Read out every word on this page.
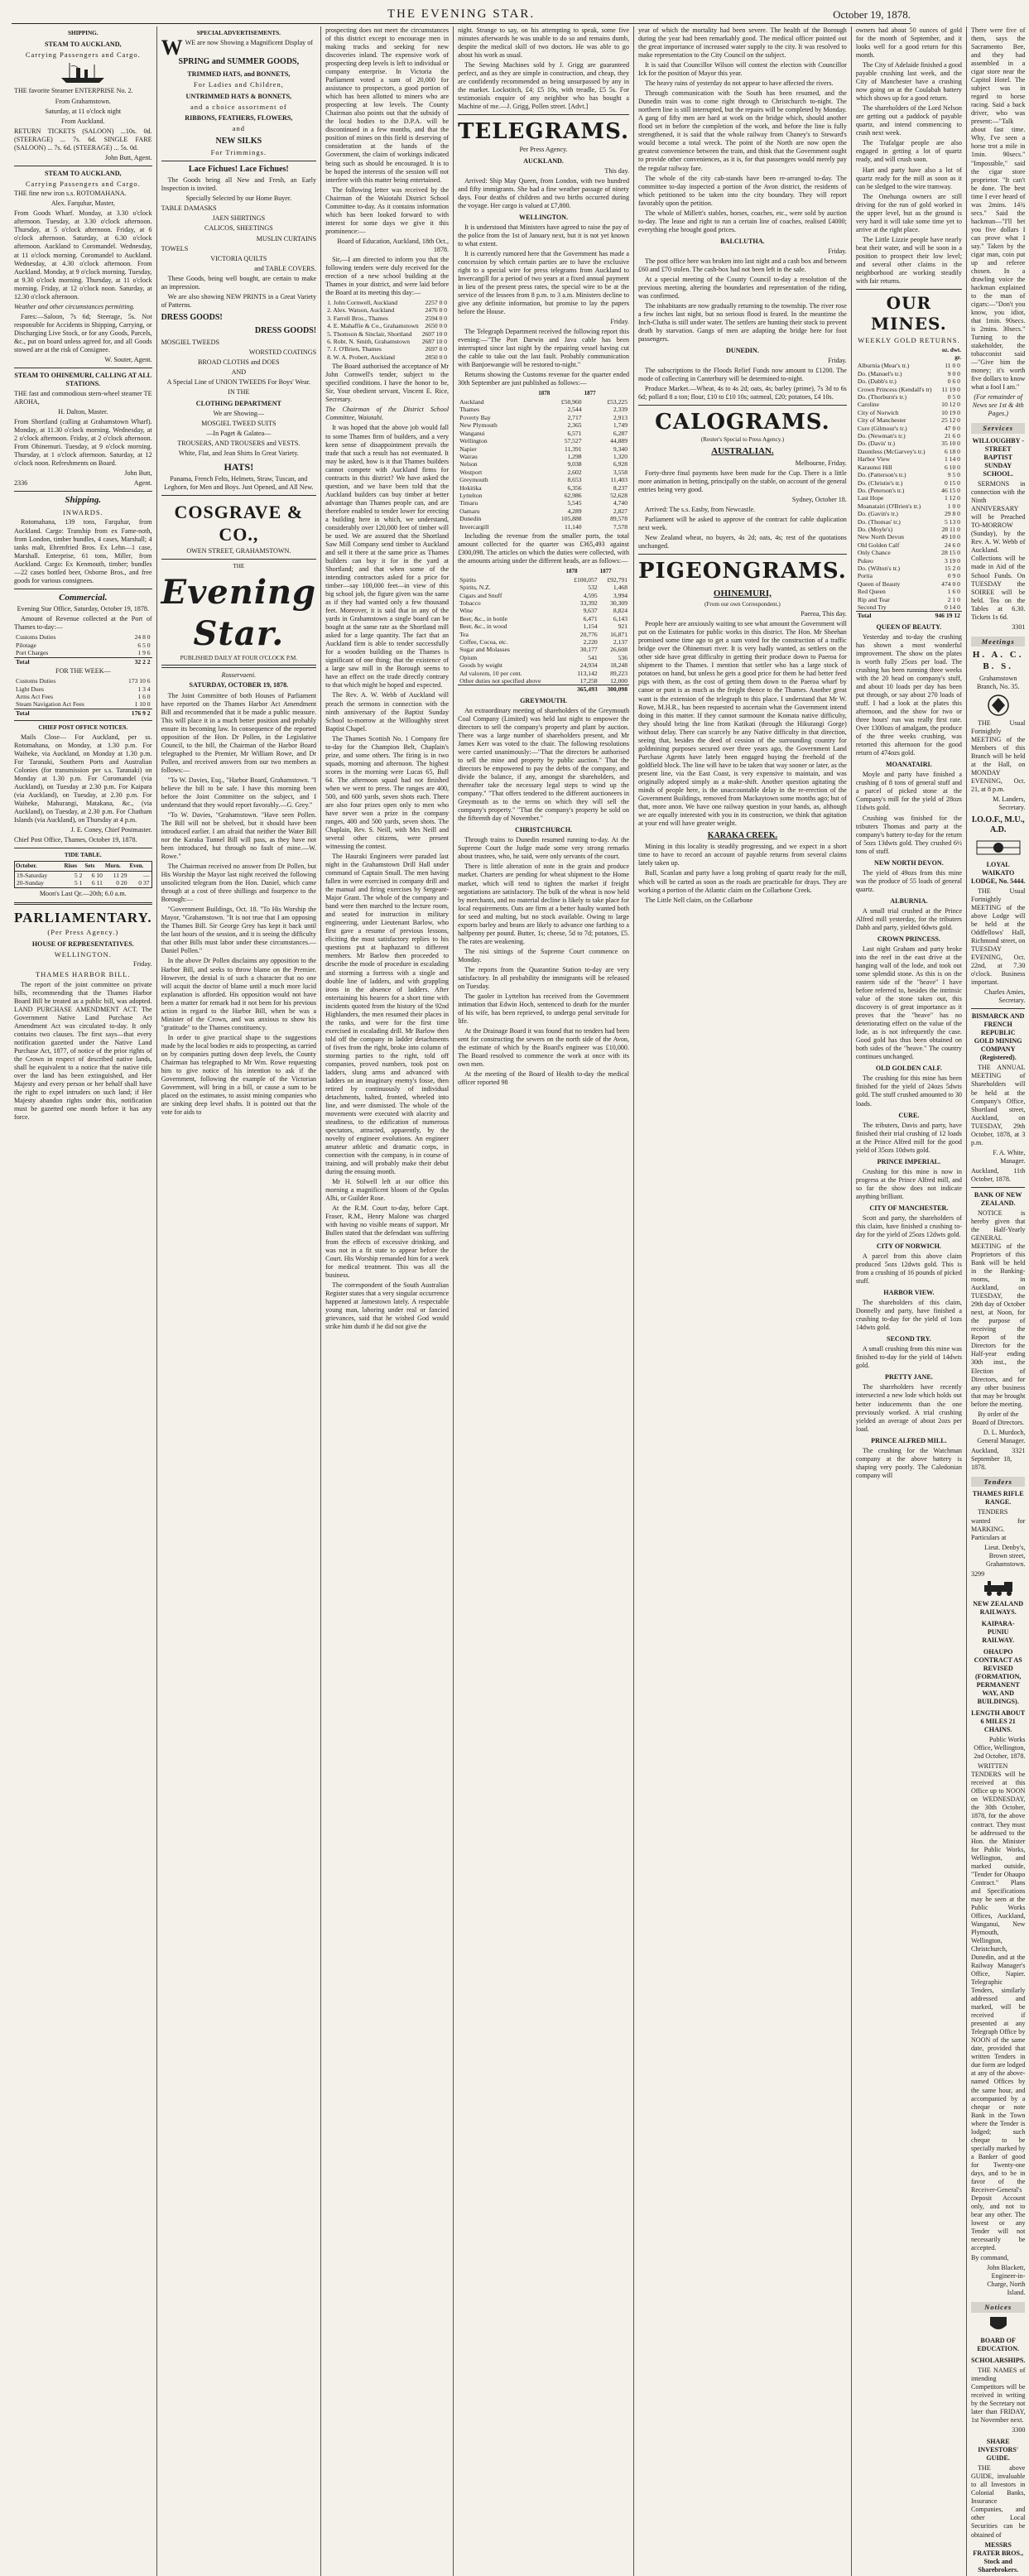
THE EVENING STAR.	October 19, 1878.
SHIPPING.
STEAM TO AUCKLAND,
Carrying Passengers and Cargo.

THE favorite Steamer ENTERPRISE No. 2.

From Grahamstown.

Saturday, at 11 o'clock night

From Auckland.

RETURN TICKETS (SALOON) ...10s. 0d. (STEERAGE) ... 7s. 6d. SINGLE FARE (SALOON) ... 7s. 6d. (STEERAGE) ... 5s. 0d.

John Butt, Agent.

STEAM TO AUCKLAND,
Carrying Passengers and Cargo.

THE fine new iron s.s. ROTOMAHANA.

Alex. Farquhar, Master,

From Goods Wharf. Monday, at 3.30 o'clock afternoon. Tuesday, at 3.30 o'clock afternoon. Thursday, at 5 o'clock afternoon. Friday, at 6 o'clock afternoon. Saturday, at 6.30 o'clock afternoon. Auckland to Coromandel. Wednesday, at 11 o'clock morning. Coromandel to Auckland. Wednesday, at 4.30 o'clock afternoon. From Auckland. Monday, at 9 o'clock morning. Tuesday, at 9.30 o'clock morning. Thursday, at 11 o'clock morning. Friday, at 12 o'clock noon. Saturday, at 12.30 o'clock afternoon.

Weather and other circumstances permitting.

Fares:—Saloon, 7s 6d; Steerage, 5s. Not responsible for Accidents in Shipping, Carrying, or Discharging Live Stock, or for any Goods, Parcels, &c., put on board unless agreed for, and all Goods stowed are at the risk of Consignee.

W. Souter, Agent.

STEAM TO OHINEMURI, CALLING AT ALL STATIONS.

THE fast and commodious stern-wheel steamer TE AROHA,

H. Dalton, Master.

From Shortland (calling at Grahamstown Wharf). Monday, at 11.30 o'clock morning. Wednesday, at 2 o'clock afternoon. Friday, at 2 o'clock afternoon. From Ohinemuri. Tuesday, at 9 o'clock morning. Thursday, at 1 o'clock afternoon. Saturday, at 12 o'clock noon. Refreshments on Board.

John Butt,

2336	Agent.

Shipping.
INWARDS.

Rotomahana, 139 tons, Farquhar, from Auckland. Cargo: Tranship from ex Fame-noth, from London, timber bundles, 4 cases, Marshall; 4 tanks malt, Ehrenfried Bros. Ex Lehn—1 case, Marshall. Enterprise, 61 tons, Miller, from Auckland. Cargo: Ex Kenmouth, timber; bundles—22 cases bottled beer, Osborne Bros., and free goods for various consignees.

Commercial.

Evening Star Office, Saturday, October 19, 1878.

Amount of Revenue collected at the Port of Thames to-day:—

Customs Duties	24 8 0
Pilotage	6 5 0
Port Charges	1 9 6
Total	32 2 2

FOR THE WEEK—

Customs Duties	173 10 6
Light Dues	1 3 4
Arms Act Fees	1 6 0
Steam Navigation Act Fees	1 10 0
Total	176 9 2
CHIEF POST OFFICE NOTICES.

Mails Close— For Auckland, per ss. Rotomahana, on Monday, at 1.30 p.m. For Waiheke, via Auckland, on Monday at 1.30 p.m. For Taranaki, Southern Ports and Australian Colonies (for transmission per s.s. Taranaki) on Monday at 1.30 p.m. For Coromandel (via Auckland), on Tuesday at 2.30 p.m. For Kaipara (via Auckland), on Tuesday, at 2.30 p.m. For Waiheke, Mahurangi, Matakana, &c., (via Auckland), on Tuesday, at 2.30 p.m. For Chatham Islands (via Auckland), on Thursday at 4 p.m.

J. E. Coney, Chief Postmaster.

Chief Post Office, Thames, October 19, 1878.

TIDE TABLE.
October.	Rises	Sets	Morn.	Even.
19-Saturday	5 2	6 10	11 29	—
20-Sunday	5 1	6 11	0 20	0 37

Moon's Last Qr.—20th; 6.0 a.m.

PARLIAMENTARY.
(Per Press Agency.)
HOUSE OF REPRESENTATIVES.
WELLINGTON.

Friday.

THAMES HARBOR BILL.

The report of the joint committee on private bills, recommending that the Thames Harbor Board Bill be treated as a public bill, was adopted. LAND PURCHASE AMENDMENT ACT. The Government Native Land Purchase Act Amendment Act was circulated to-day. It only contains two clauses. The first says—that every notification gazetted under the Native Land Purchase Act, 1877, of notice of the prior rights of the Crown in respect of described native lands, shall be equivalent to a notice that the native title over the land has been extinguished, and Her Majesty and every person or her behalf shall have the right to expel intruders on such land; if Her Majesty abandon rights under this, notification must be gazetted one month before it has any force.

SPECIAL ADVERTISEMENTS.

WWE are now Showing a Magnificent Display of

SPRING and SUMMER GOODS,
TRIMMED HATS, and BONNETS,
For Ladies and Children,
UNTRIMMED HATS & BONNETS,
and a choice assortment of
RIBBONS, FEATHERS, FLOWERS,
and
NEW SILKS
For Trimmings.
Lace Fichues! Lace Fichues!

The Goods being all New and Fresh, an Early Inspection is invited.

Specially Selected by our Home Buyer.

TABLE DAMASKS

JAEN SHIRTINGS

CALICOS, SHEETINGS

MUSLIN CURTAINS

TOWELS

VICTORIA QUILTS

and TABLE COVERS.

These Goods, being well bought, are certain to make an impression.

We are also showing NEW PRINTS in a Great Variety of Patterns.

DRESS GOODS!
DRESS GOODS!

MOSGIEL TWEEDS

WORSTED COATINGS

BROAD CLOTHS and DOES

AND

A Special Line of UNION TWEEDS For Boys' Wear.

IN THE

CLOTHING DEPARTMENT

We are Showing—

MOSGIEL TWEED SUITS

—In Paget & Galatea—

TROUSERS, AND TROUSERS and VESTS.

White, Flat, and Jean Shirts In Great Variety.

HATS!

Panama, French Felts, Helmets, Straw, Tuscan, and Leghorn, for Men and Boys. Just Opened, and All New.

COSGRAVE & CO.,

OWEN STREET, GRAHAMSTOWN.

THE

Evening Star.

PUBLISHED DAILY AT FOUR O'CLOCK P.M.

Rosservaeni.

SATURDAY, OCTOBER 19, 1878.

The Joint Committee of both Houses of Parliament have reported on the Thames Harbor Act Amendment Bill and recommended that it be made a public measure. This will place it in a much better position and probably ensure its becoming law. In consequence of the reported opposition of the Hon. Dr Pollen, in the Legislative Council, to the bill, the Chairman of the Harbor Board telegraphed to the Premier, Mr William Rowe, and Dr Pollen, and received answers from our two members as follows:—

"To W. Davies, Esq., "Harbor Board, Grahamstown. "I believe the bill to be safe. I have this morning been before the Joint Committee on the subject, and I understand that they would report favorably.—G. Grey."

"To W. Davies, "Grahamstown. "Have seen Pollen. The Bill will not be shelved, but it should have been introduced earlier. I am afraid that neither the Water Bill nor the Karaka Tunnel Bill will pass, as they have not been introduced, but through no fault of mine.—W. Rowe."

The Chairman received no answer from Dr Pollen, but His Worship the Mayor last night received the following unsolicited telegram from the Hon. Daniel, which came through at a cost of three shillings and fourpence to the Borough:—

"Government Buildings, Oct. 18. "To His Worship the Mayor, "Grahamstown. "It is not true that I am opposing the Thames Bill. Sir George Grey has kept it back until the last hours of the session, and it is seeing the difficulty that other Bills must labor under these circumstances.—Daniel Pollen."

In the above Dr Pollen disclaims any opposition to the Harbor Bill, and seeks to throw blame on the Premier. However, the denial is of such a character that no one will acquit the doctor of blame until a much more lucid explanation is afforded. His opposition would not have been a matter for remark had it not been for his previous action in regard to the Harbor Bill, when he was a Minister of the Crown, and was anxious to show his "gratitude" to the Thames constituency.

In order to give practical shape to the suggestions made by the local bodies re aids to prospecting, as carried on by companies putting down deep levels, the County Chairman has telegraphed to Mr Wm. Rowe requesting him to give notice of his intention to ask if the Government, following the example of the Victorian Government, will bring in a bill, or cause a sum to be placed on the estimates, to assist mining companies who are sinking deep level shafts. It is pointed out that the vote for aids to

prospecting does not meet the circumstances of this district except to encourage men in making tracks and seeking for new discoveries inland. The expensive work of prospecting deep levels is left to individual or company enterprise. In Victoria the Parliament voted a sum of 20,000 for assistance to prospectors, a good portion of which has been allotted to miners who are prospecting at low levels. The County Chairman also points out that the subsidy of the local bodies to the D.P.A. will be discontinued in a few months, and that the position of mines on this field is deserving of consideration at the hands of the Government, the claim of workings indicated being such as should be encouraged. It is to be hoped the interests of the session will not interfere with this matter being entertained.

The following letter was received by the Chairman of the Waiotahi District School Committee to-day. As it contains information which has been looked forward to with interest for some days we give it this prominence:—

Board of Education, Auckland, 18th Oct., 1878.

Sir,—I am directed to inform you that the following tenders were duly received for the erection of a new school building at the Thames in your district, and were laid before the Board at its meeting this day:—

1. John Cornwell, Auckland	2257 0 0
2. Alex. Watson, Auckland	2476 0 0
3. Farrell Bros., Thames	2594 0 0
4. E. Mahaffie & Co., Grahamstown	2650 0 0
5. Thomson & Sinclair, Shortland	2607 10 0
6. Robt. N. Smith, Grahamstown	2687 10 0
7. J. O'Brien, Thames	2697 0 0
8. W. A. Probert, Auckland	2850 0 0

The Board authorised the acceptance of Mr John Cornwell's tender, subject to the specified conditions. I have the honor to be, Sir, Your obedient servant, Vincent E. Rice, Secretary.

The Chairman of the District School Committee, Waiotahi.

It was hoped that the above job would fall to some Thames firm of builders, and a very keen sense of disappointment prevails the trade that such a result has not eventuated. It may be asked, how is it that Thames builders cannot compete with Auckland firms for contracts in this district? We have asked the question, and we have been told that the Auckland builders can buy timber at better advantage than Thames people can, and are therefore enabled to tender lower for erecting a building here in which, we understand, considerably over 120,000 feet of timber will be used. We are assured that the Shortland Saw Mill Company send timber to Auckland and sell it there at the same price as Thames builders can buy it for in the yard at Shortland; and that when some of the intending contractors asked for a price for timber—say 100,000 feet—in view of this big school job, the figure given was the same as if they had wanted only a few thousand feet. Moreover, it is said that in any of the yards in Grahamstown a single board can be bought at the same rate as the Shortland mill asked for a large quantity. The fact that an Auckland firm is able to tender successfully for a wooden building on the Thames is significant of one thing; that the existence of a large saw mill in the Borough seems to have an effect on the trade directly contrary to that which might be hoped and expected.

The Rev. A. W. Webb of Auckland will preach the sermons in connection with the ninth anniversary of the Baptist Sunday School to-morrow at the Willoughby street Baptist Chapel.

The Thames Scottish No. 1 Company fire to-day for the Champion Belt, Chaplain's prize, and some others. The firing is in two squads, morning and afternoon. The highest scores in the morning were Lucas 65, Bull 64. The afternoon squad had not finished when we went to press. The ranges are 400, 500, and 600 yards, seven shots each. There are also four prizes open only to men who have never won a prize in the company ranges, 400 and 500 yards, seven shots. The Chaplain, Rev. S. Neill, with Mrs Neill and several other citizens, were present witnessing the contest.

The Hauraki Engineers were paraded last night in the Grahamstown Drill Hall under command of Captain Small. The men having fallen in were exercised in company drill and the manual and firing exercises by Sergeant-Major Grant. The whole of the company and band were then marched to the lecture room, and seated for instruction in military engineering, under Lieutenant Barlow, who first gave a resume of previous lessons, eliciting the most satisfactory replies to his questions put at haphazard to different members. Mr Barlow then proceeded to describe the mode of procedure in escalading and storming a fortress with a single and double line of ladders, and with grappling irons in the absence of ladders. After entertaining his hearers for a short time with incidents quoted from the history of the 92nd Highlanders, the men resumed their places in the ranks, and were for the first time exercised in escalading drill. Mr Barlow then told off the company in ladder detachments of fives from the right, broke into column of storming parties to the right, told off companies, proved numbers, took post on ladders, slung arms and advanced with ladders on an imaginary enemy's fosse, then retired by continuously of individual detachments, halted, fronted, wheeled into line, and were dismissed. The whole of the movements were executed with alacrity and steadiness, to the edification of numerous spectators, attracted, apparently, by the novelty of engineer evolutions. An engineer amateur athletic and dramatic corps, in connection with the company, is in course of training, and will probably make their debut during the ensuing month.

Mr H. Stilwell left at our office this morning a magnificent bloom of the Opulas Albi, or Guilder Rose.

At the R.M. Court to-day, before Capt. Fraser, R.M., Henry Malone was charged with having no visible means of support. Mr Bullen stated that the defendant was suffering from the effects of excessive drinking, and was not in a fit state to appear before the Court. His Worship remanded him for a week for medical treatment. This was all the business.

The correspondent of the South Australian Register states that a very singular occurrence happened at Jamestown lately. A respectable young man, laboring under real or fancied grievances, said that he wished God would strike him dumb if he did not give the

night. Strange to say, on his attempting to speak, some five minutes afterwards he was unable to do so and remains dumb, despite the medical skill of two doctors. He was able to go about his work as usual.

The Sewing Machines sold by J. Grigg are guaranteed perfect, and as they are simple in construction, and cheap, they are confidently recommended as being unsurpassed by any in the market. Lockstitch, £4; £5 10s, with treadle, £5 5s. For testimonials enquire of any neighbor who has bought a Machine of me.—J. Grigg, Pollen street. [Advt.]

TELEGRAMS.

Per Press Agency.

AUCKLAND.

This day.

Arrived: Ship May Queen, from London, with two hundred and fifty immigrants. She had a fine weather passage of ninety days. Four deaths of children and two births occurred during the voyage. Her cargo is valued at £7,800.

WELLINGTON.

It is understood that Ministers have agreed to raise the pay of the police from the 1st of January next, but it is not yet known to what extent.

It is currently rumored here that the Government has made a concession by which certain parties are to have the exclusive right to a special wire for press telegrams from Auckland to Invercargill for a period of two years at a fixed annual payment in lieu of the present press rates, the special wire to be at the service of the lessees from 8 p.m. to 3 a.m. Ministers decline to give any definite information, but promise to lay the papers before the House.

Friday.

The Telegraph Department received the following report this evening:—"The Port Darwin and Java cable has been interrupted since last night by the repairing vessel having cut the cable to take out the last fault. Probably communication with Banjoewangie will be restored to-night."

Returns showing the Customs revenue for the quarter ended 30th September are just published as follows:—

	1878	1877
Auckland	£50,960	£53,225
Thames	2,544	2,339
Poverty Bay	2,717	2,913
New Plymouth	2,365	1,749
Wanganui	6,571	6,287
Wellington	57,527	44,889
Napier	11,391	9,340
Wairau	1,298	1,320
Nelson	9,038	6,928
Westport	2,602	3,558
Greymouth	8,653	11,403
Hokitika	6,356	8,237
Lyttelton	62,986	52,628
Timaru	5,545	4,740
Oamaru	4,289	2,827
Dunedin	105,888	89,578
Invercargill	11,140	7,578

Including the revenue from the smaller ports, the total amount collected for the quarter was £365,493 against £300,098. The articles on which the duties were collected, with the amounts arising under the different heads, are as follows:—

	1878	1877
Spirits	£100,057	£92,791
Spirits, N.Z.	532	1,468
Cigars and Snuff	4,595	3,994
Tobacco	33,392	30,309
Wine	9,637	8,824
Beer, &c., in bottle	6,471	6,143
Beer, &c., in wood	1,154	921
Tea	20,776	16,871
Coffee, Cocoa, etc.	2,220	2,137
Sugar and Molasses	30,177	26,608
Opium	541	536
Goods by weight	24,934	18,248
Ad valorem, 10 per cent.	113,142	89,223
Other duties not specified above	17,258	12,000
	365,493	300,098
GREYMOUTH.

An extraordinary meeting of shareholders of the Greymouth Coal Company (Limited) was held last night to empower the directors to sell the company's property and plant by auction. There was a large number of shareholders present, and Mr James Kerr was voted to the chair. The following resolutions were carried unanimously:—"That the directors be authorised to sell the mine and property by public auction." That the directors be empowered to pay the debts of the company, and divide the balance, if any, amongst the shareholders, and thereafter take the necessary legal steps to wind up the company." "That offers tendered to the different auctioneers in Greymouth as to the terms on which they will sell the company's property." "That the company's property be sold on the fifteenth day of November."

CHRISTCHURCH.

Through trains to Dunedin resumed running to-day. At the Supreme Court the Judge made some very strong remarks about trustees, who, he said, were only servants of the court.

There is little alteration of note in the grain and produce market. Charters are pending for wheat shipment to the Home market, which will tend to tighten the market if freight negotiations are satisfactory. The bulk of the wheat is now held by merchants, and no material decline is likely to take place for local requirements. Oats are firm at a better haulty wanted both for seed and malting, but no stock available. Owing to large exports barley and beans are likely to advance one farthing to a halfpenny per pound. Butter, 1s; cheese, 5d to 7d; potatoes, £5. The rates are weakening.

The nisi sittings of the Supreme Court commence on Monday.

The reports from the Quarantine Station to-day are very satisfactory. In all probability the immigrants will be released on Tuesday.

The gaoler in Lyttelton has received from the Government intimation that Edwin Hoch, sentenced to death for the murder of his wife, has been reprieved, to undergo penal servitude for life.

At the Drainage Board it was found that no tenders had been sent for constructing the sewers on the north side of the Avon, the estimate of which by the Board's engineer was £10,000. The Board resolved to commence the work at once with its own men.

At the meeting of the Board of Health to-day the medical officer reported 98

year of which the mortality had been severe. The health of the Borough during the year had been remarkably good. The medical officer pointed out the great importance of increased water supply to the city. It was resolved to make representation to the City Council on the subject.

It is said that Councillor Wilson will contest the election with Councillor Ick for the position of Mayor this year.

The heavy rains of yesterday do not appear to have affected the rivers.

Through communication with the South has been resumed, and the Dunedin train was to come right through to Christchurch to-night. The northern line is still interrupted, but the repairs will be completed by Monday. A gang of fifty men are hard at work on the bridge which, should another flood set in before the completion of the work, and before the line is fully strengthened, it is said that the whole railway from Chaney's to Steward's would become a total wreck. The point of the North are now open the greatest convenience between the train, and think that the Government ought to provide other conveniences, as it is, for that passengers would merely pay the regular railway fare.

The whole of the city cab-stands have been re-arranged to-day. The committee to-day inspected a portion of the Avon district, the residents of which petitioned to be taken into the city boundary. They will report favorably upon the petition.

The whole of Millett's stables, horses, coaches, etc., were sold by auction to-day. The lease and right to run a certain line of coaches, realised £4000; everything else brought good prices.

BALCLUTHA.

Friday.

The post office here was broken into last night and a cash box and between £60 and £70 stolen. The cash-box had not been left in the safe.

At a special meeting of the County Council to-day a resolution of the previous meeting, altering the boundaries and representation of the riding, was confirmed.

The inhabitants are now gradually returning to the township. The river rose a few inches last night, but no serious flood is feared. In the meantime the Inch-Clutha is still under water. The settlers are hunting their stock to prevent death by starvation. Gangs of men are adapting the bridge here for foot passengers.

DUNEDIN.

Friday.

The subscriptions to the Floods Relief Funds now amount to £1200. The mode of collecting in Canterbury will be determined to-night.

Produce Market.—Wheat, 4s to 4s 2d; oats, 4s; barley (prime), 7s 3d to 6s 6d; pollard 8 a ton; flour, £10 to £10 10s; oatmeal, £20; potatoes, £4 10s.

CALOGRAMS.

(Reuter's Special to Press Agency.)

AUSTRALIAN.

Melbourne, Friday.

Forty-three final payments have been made for the Cup. There is a little more animation in betting, principally on the stable, on account of the general entries being very good.

Sydney, October 18.

Arrived: The s.s. Easby, from Newcastle.

Parliament will be asked to approve of the contract for cable duplication next week.

New Zealand wheat, no buyers, 4s 2d; oats, 4s; rest of the quotations unchanged.

PIGEONGRAMS.
OHINEMURI,

(From our own Correspondent.)

Paeroa, This day.

People here are anxiously waiting to see what amount the Government will put on the Estimates for public works in this district. The Hon. Mr Sheehan promised some time ago to get a sum voted for the construction of a traffic bridge over the Ohinemuri river. It is very badly wanted, as settlers on the other side have great difficulty in getting their produce down to Paeroa for shipment to the Thames. I mention that settler who has a large stock of potatoes on hand, but unless he gets a good price for them he had better feed pigs with them, as the cost of getting them down to the Paeroa wharf by canoe or punt is as much as the freight thence to the Thames. Another great want is the extension of the telegraph to this place. I understand that Mr W. Rowe, M.H.R., has been requested to ascertain what the Government intend doing in this matter. If they cannot surmount the Komata native difficulty, they should bring the line from Katikati (through the Hikurangi Gorge) without delay. There can scarcely be any Native difficulty in that direction, seeing that, besides the deed of cession of the surrounding country for goldmining purposes secured over three years ago, the Government Land Purchase Agents have lately been engaged buying the freehold of the goldfield block. The line will have to be taken that way sooner or later, as the present line, via the East Coast, is very expensive to maintain, and was originally adopted simply as a make-shift. Another question agitating the minds of people here, is the unaccountable delay in the re-erection of the Government Buildings, removed from Mackaytown some months ago; but of that, more anon. We have one railway question in your hands, as, although we are equally interested with you in its construction, we think that agitation at your end will have greater weight.

KARAKA CREEK.

Mining in this locality is steadily progressing, and we expect in a short time to have to record an account of payable returns from several claims lately taken up.

Bull, Scanlan and party have a long probing of quartz ready for the mill, which will be carted as soon as the roads are practicable for drays. They are working a portion of the Atlantic claim on the Collarbone Creek.

The Little Nell claim, on the Collarbone

owners had about 50 ounces of gold for the month of September, and it looks well for a good return for this month.

The City of Adelaide finished a good payable crushing last week, and the City of Manchester have a crushing now going on at the Coulabah battery which shows up for a good return.

The shareholders of the Lord Nelson are getting out a paddock of payable quartz, and intend commencing to crush next week.

The Trafalgar people are also engaged in getting a lot of quartz ready, and will crush soon.

Hart and party have also a lot of quartz ready for the mill as soon as it can be sledged to the wire tramway.

The Onehunga owners are still driving for the run of gold worked in the upper level, but as the ground is very hard it will take some time yet to arrive at the right place.

The Little Lizzie people have nearly beat their water, and will be soon in a position to prospect their low level; and several other claims in the neighborhood are working steadily with fair returns.

OUR MINES.
WEEKLY GOLD RETURNS.
	oz. dwt. gr.
Alburnia (Mear's tr.)	11 0 0
Do. (Manuel's tr.)	9 0 0
Do. (Dabb's tr.)	0 6 0
Crown Princess (Kendall's tr)	11 19 0
Do. (Thorburn's tr.)	0 5 0
Caroline	10 12 0
City of Norwich	10 19 0
City of Manchester	25 12 0
Cure (Gilmour's tr.)	47 0 0
Do. (Newman's tr.)	21 6 0
Do. (Davis' tr.)	35 10 0
Dauntless (McGarvey's tr.)	6 18 0
Harbor View	1 14 0
Karaunui Hill	6 10 0
Do. (Patterson's tr.)	9 5 0
Do. (Christie's tr.)	0 15 0
Do. (Peterson's tr.)	46 15 0
Last Hope	1 12 0
Moanatairi (O'Brien's tr.)	1 0 0
Do. (Gavin's tr.)	29 8 0
Do. (Thomas' tr.)	5 13 0
Do. (Moyle's)	28 11 0
New North Devon	49 10 0
Old Golden Calf	24 6 0
Only Chance	28 15 0
Pukeo	3 19 0
Do. (Wilton's tr.)	15 2 0
Portia	0 9 0
Queen of Beauty	474 0 0
Red Queen	1 6 0
Rip and Tear	2 1 0
Second Try	0 14 0
Total	946 19 12
QUEEN OF BEAUTY.

Yesterday and to-day the crushing has shown a most wonderful improvement. The show on the plates is worth fully 25ozs per load. The crushing has been running three weeks with the 20 head on company's stuff, and about 10 loads per day has been put through, or say about 270 loads of stuff. I had a look at the plates this afternoon, and the show for two or three hours' run was really first rate. Over 1300ozs of amalgam, the produce of the three weeks crushing, was retorted this afternoon for the good return of 474ozs gold.

MOANATAIRI.

Moyle and party have finished a crushing of 8 tons of general stuff and a parcel of picked stone at the Company's mill for the yield of 28ozs 11dwts gold.

Crushing was finished for the tributers Thomas and party at the company's battery to-day for the return of 5ozs 13dwts gold. They crushed 6½ tons of stuff.

NEW NORTH DEVON.

The yield of 49ozs from this mine was the produce of 55 loads of general quartz.

ALBURNIA.

A small trial crushed at the Prince Alfred mill yesterday, for the tributers Dabb and party, yielded 6dwts gold.

CROWN PRINCESS.

Last night Graham and party broke into the reef in the east drive at the hanging wall of the lode, and took out some splendid stone. As this is on the eastern side of the "heave" I have before referred to, besides the intrinsic value of the stone taken out, this discovery is of great importance as it proves that the "heave" has no deteriorating effect on the value of the lode, as is not infrequently the case. Good gold has thus been obtained on both sides of the "heave." The country continues unchanged.

OLD GOLDEN CALF.

The crushing for this mine has been finished for the yield of 24ozs 5dwts gold. The stuff crushed amounted to 30 loads.

CURE.

The tributers, Davis and party, have finished their trial crushing of 12 loads at the Prince Alfred mill for the good yield of 35ozs 10dwts gold.

PRINCE IMPERIAL.

Crushing for this mine is now in progress at the Prince Alfred mill, and so far the show does not indicate anything brilliant.

CITY OF MANCHESTER.

Scott and party, the shareholders of this claim, have finished a crushing to-day for the yield of 25ozs 12dwts gold.

CITY OF NORWICH.

A parcel from this above claim produced 5ozs 12dwts gold. This is from a crushing of 16 pounds of picked stuff.

HARBOR VIEW.

The shareholders of this claim, Donnelly and party, have finished a crushing to-day for the yield of 1ozs 14dwts gold.

SECOND TRY.

A small crushing from this mine was finished to-day for the yield of 14dwts gold.

PRETTY JANE.

The shareholders have recently intersected a new lode which holds out better inducements than the one previously worked. A trial crushing yielded an average of about 2ozs per load.

PRINCE ALFRED MILL.

The crushing for the Watchman company at the above battery is shaping very poorly. The Caledonian company will

There were five of them, says the Sacramento Bee, and they had assembled in a cigar store near the Capitol Hotel. The subject was in regard to horse racing. Said a back driver, who was present:—"Talk about fast time. Why, I've seen a horse trot a mile in 1min. 90secs." "Impossible," said the cigar store proprietor. "It can't be done. The best time I ever heard of was 2mins. 14¾ secs." Said the hackman—"I'll bet you five dollars I can prove what I say." Taken by the cigar man, coin put up and referee chosen. In a drawling voice the hackman explained to the man of cigars:—"Don't you know, you idiot, that 1min. 90secs. is 2mins. 30secs." Turning to the stakeholder, the tobacconist said—"Give him the money; it's worth five dollars to know what a fool I am."

(For remainder of News see 1st & 4th Pages.)

Services
WILLOUGHBY - STREET BAPTIST SUNDAY SCHOOL.

SERMONS in connection with the Ninth ANNIVERSARY will be Preached TO-MORROW (Sunday), by the Rev. A. W. Webb of Auckland. Collections will be made in Aid of the School Funds. On TUESDAY the SOIREE will be held. Tea on the Tables at 6.30. Tickets 1s 6d.

3301

Meetings
H. A. C. B. S.

Grahamstown Branch, No. 35.

THE Usual Fortnightly MEETING of the Members of this Branch will be held at the Hall, on MONDAY EVENING, Oct. 21, at 8 p.m.

M. Landers, Secretary.

I.O.O.F., M.U., A.D.
LOYAL WAIKATO LODGE, No. 5444.

THE Usual Fortnightly MEETING of the above Lodge will be held at the Oddfellows' Hall, Richmond street, on TUESDAY EVENING, Oct. 22nd, at 7.30 o'clock. Business important.

Charles Amies, Secretary.

BISMARCK AND FRENCH REPUBLIC GOLD MINING COMPANY (Registered).

THE ANNUAL MEETING of Shareholders will be held at the Company's Office, Shortland street, Auckland, on TUESDAY, 29th October, 1878, at 3 p.m.

F. A. White, Manager.

Auckland, 11th October, 1878.

BANK OF NEW ZEALAND.

NOTICE is hereby given that the Half-Yearly GENERAL MEETING of the Proprietors of this Bank will be held in the Banking-rooms, in Auckland, on TUESDAY, the 29th day of October next, at Noon, for the purpose of receiving the Report of the Directors for the Half-year ending 30th inst., the Election of Directors, and for any other business that may be brought before the meeting.

By order of the Board of Directors.

D. L. Murdoch, General Manager.

Auckland, September 18, 1878.
3321

Tenders
THAMES RIFLE RANGE.

TENDERS wanted for MARKING. Particulars at

Lieut. Denby's, Brown street, Grahamstown.

3299

NEW ZEALAND RAILWAYS.
KAIPARA-PUNIU RAILWAY.
OHAUPO CONTRACT AS REVISED (FORMATION, PERMANENT WAY, AND BUILDINGS).
LENGTH ABOUT 6 MILES 21 CHAINS.

Public Works Office, Wellington, 2nd October, 1878.

WRITTEN TENDERS will be received at this Office up to NOON on WEDNESDAY, the 30th October, 1878, for the above contract. They must be addressed to the Hon. the Minister for Public Works, Wellington, and marked outside, "Tender for Ohaupo Contract." Plans and Specifications may be seen at the Public Works Offices, Auckland, Wanganui, New Plymouth, Wellington, Christchurch, Dunedin, and at the Railway Manager's Office, Napier. Telegraphic Tenders, similarly addressed and marked, will be received if presented at any Telegraph Office by NOON of the same date, provided that written Tenders in due form are lodged at any of the above-named Offices by the same hour, and accompanied by a cheque or note Bank in the Town where the Tender is lodged; such cheque to be specially marked by a Banker of good for Twenty-one days, and to be in favor of the Receiver-General's Deposit Account only, and not to bear any other. The lowest or any Tender will not necessarily be accepted.

By command,

John Blackett, Engineer-in-Charge, North Island.

Notices
BOARD OF EDUCATION.
SCHOLARSHIPS.

THE NAMES of intending Competitors will be received in writing by the Secretary not later than FRIDAY, 1st November next.

3300

SHARE INVESTORS' GUIDE.

THE above GUIDE, invaluable to all Investors in Colonial Banks, Insurance Companies, and other Local Securities can be obtained of

MESSRS FRATER BROS., Stock and Sharebrokers.
